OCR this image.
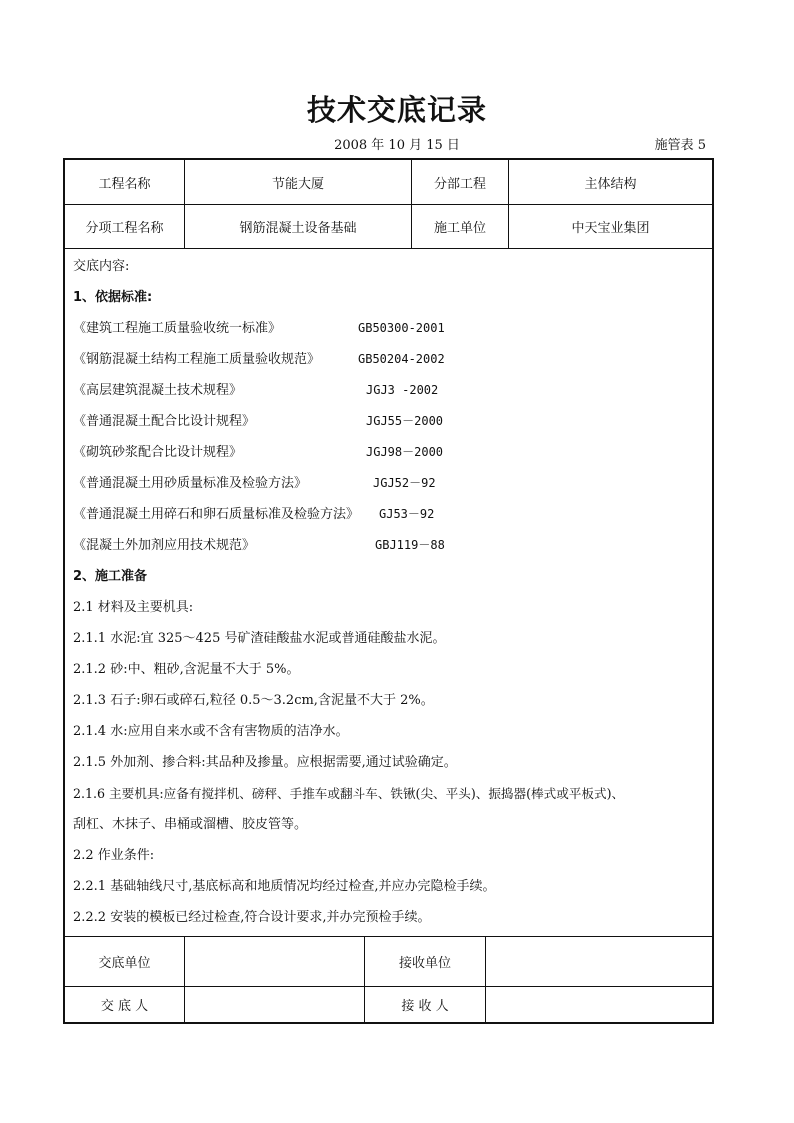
技术交底记录
2008 年 10 月 15 日	施管表 5
工程名称	节能大厦	分部工程	主体结构
分项工程名称	钢筋混凝土设备基础	施工单位	中天宝业集团
交底内容:
1、依据标准:
《建筑工程施工质量验收统一标准》	GB50300-2001
《钢筋混凝土结构工程施工质量验收规范》	GB50204-2002
《高层建筑混凝土技术规程》	JGJ3 -2002
《普通混凝土配合比设计规程》	JGJ55－2000
《砌筑砂浆配合比设计规程》	JGJ98－2000
《普通混凝土用砂质量标准及检验方法》	JGJ52－92
《普通混凝土用碎石和卵石质量标准及检验方法》 GJ53－92
《混凝土外加剂应用技术规范》	GBJ119－88
2、施工准备
2.1 材料及主要机具:
2.1.1 水泥:宜 325～425 号矿渣硅酸盐水泥或普通硅酸盐水泥。
2.1.2 砂:中、粗砂,含泥量不大于 5%。
2.1.3 石子:卵石或碎石,粒径 0.5～3.2cm,含泥量不大于 2%。
2.1.4 水:应用自来水或不含有害物质的洁净水。
2.1.5 外加剂、掺合料:其品种及掺量。应根据需要,通过试验确定。
2.1.6 主要机具:应备有搅拌机、磅秤、手推车或翻斗车、铁锹(尖、平头)、振捣器(棒式或平板式)、
刮杠、木抹子、串桶或溜槽、胶皮管等。
2.2 作业条件:
2.2.1 基础轴线尺寸,基底标高和地质情况均经过检查,并应办完隐检手续。
2.2.2 安装的模板已经过检查,符合设计要求,并办完预检手续。
交底单位	接收单位
交 底 人	接 收 人
